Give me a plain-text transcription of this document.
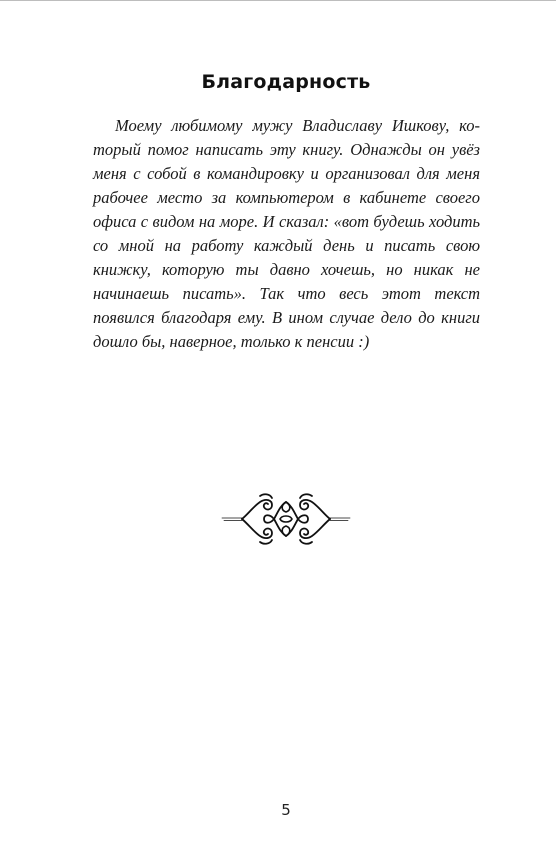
Благодарность

Моему любимому мужу Владиславу Ишкову, который помог написать эту книгу. Однажды он увёз меня с собой в командировку и организовал для меня рабочее место за компьютером в кабинете своего офиса с видом на море. И сказал: «вот будешь ходить со мной на работу каждый день и писать свою книжку, которую ты давно хочешь, но никак не начинаешь писать». Так что весь этот текст появился благодаря ему. В ином случае дело до книги дошло бы, наверное, только к пенсии :)

5
